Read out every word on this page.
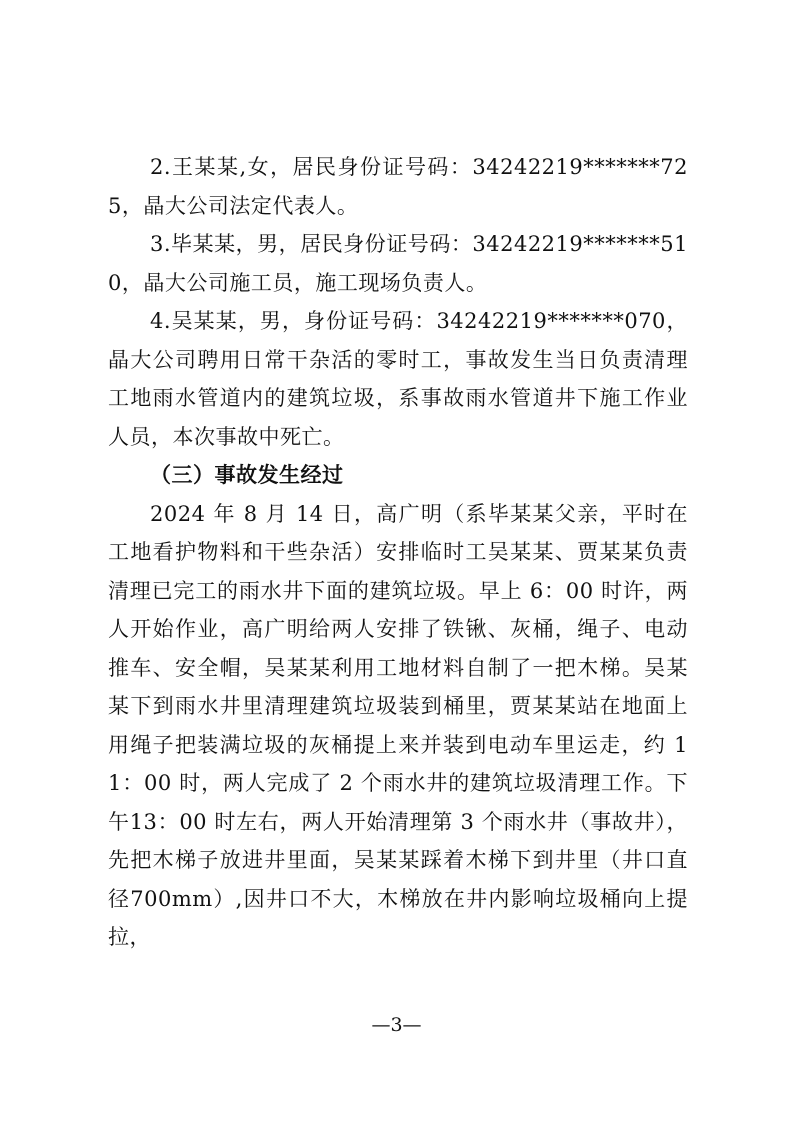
2.王某某,女，居民身份证号码：34242219*******725，晶大公司法定代表人。

3.毕某某，男，居民身份证号码：34242219*******510，晶大公司施工员，施工现场负责人。

4.吴某某，男，身份证号码：34242219*******070，晶大公司聘用日常干杂活的零时工，事故发生当日负责清理工地雨水管道内的建筑垃圾，系事故雨水管道井下施工作业人员，本次事故中死亡。

（三）事故发生经过

2024 年 8 月 14 日，高广明（系毕某某父亲，平时在工地看护物料和干些杂活）安排临时工吴某某、贾某某负责清理已完工的雨水井下面的建筑垃圾。早上 6：00 时许，两人开始作业，高广明给两人安排了铁锹、灰桶，绳子、电动推车、安全帽，吴某某利用工地材料自制了一把木梯。吴某某下到雨水井里清理建筑垃圾装到桶里，贾某某站在地面上用绳子把装满垃圾的灰桶提上来并装到电动车里运走，约 11：00 时，两人完成了 2 个雨水井的建筑垃圾清理工作。下午13：00 时左右，两人开始清理第 3 个雨水井（事故井），先把木梯子放进井里面，吴某某踩着木梯下到井里（井口直径700mm）,因井口不大，木梯放在井内影响垃圾桶向上提拉，

—3—
